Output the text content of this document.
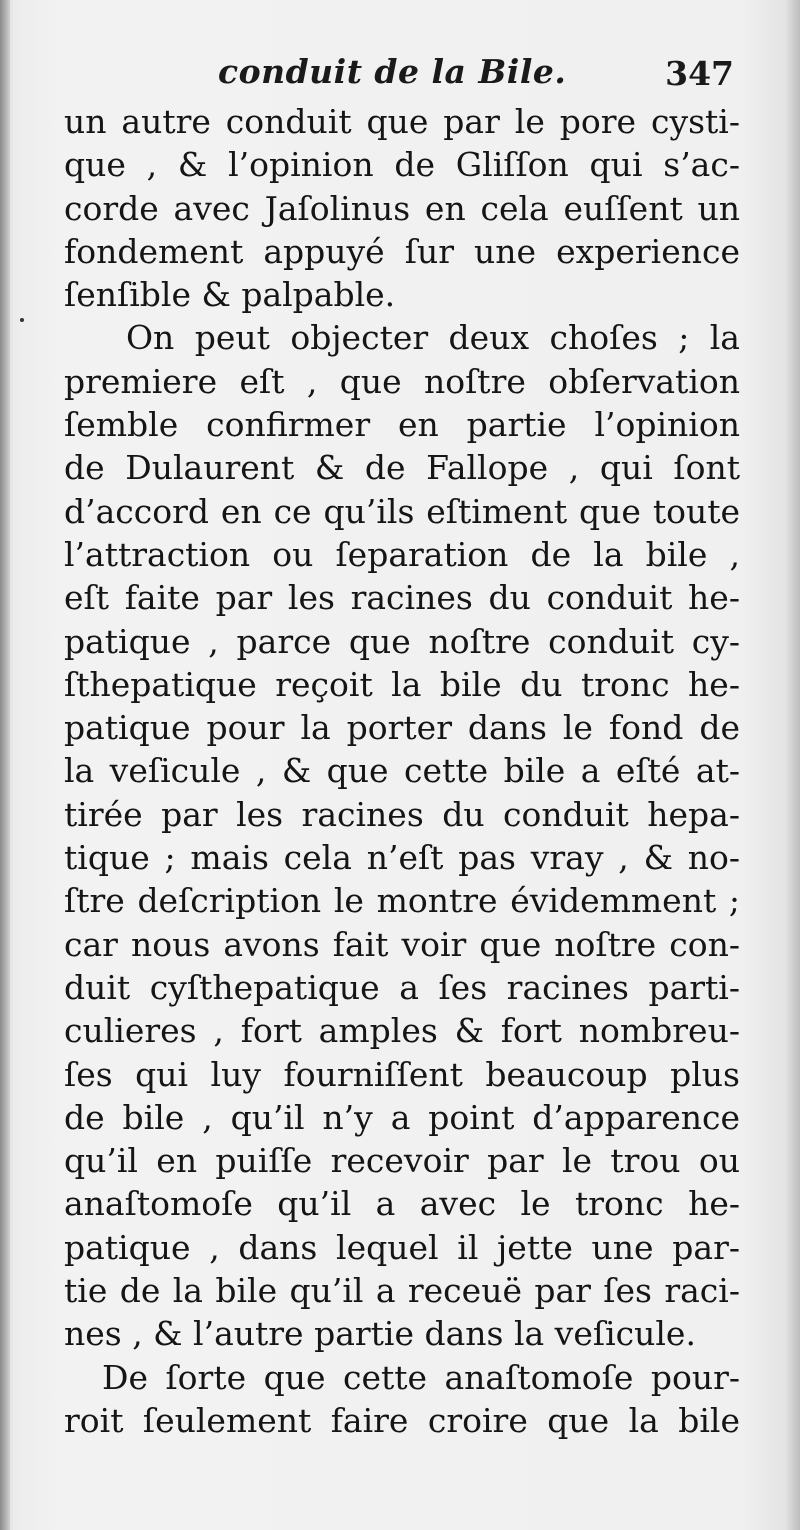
conduit de la Bile.	347
un autre conduit que par le pore cysti-
que , & l’opinion de Gliſſon qui s’ac-
corde avec Jaſolinus en cela euſſent un
fondement appuyé ſur une experience
ſenſible & palpable.
On peut objecter deux choſes ; la
premiere eſt , que noſtre obſervation
ſemble confirmer en partie l’opinion
de Dulaurent & de Fallope , qui ſont
d’accord en ce qu’ils eſtiment que toute
l’attraction ou ſeparation de la bile ,
eſt faite par les racines du conduit he-
patique , parce que noſtre conduit cy-
ſthepatique reçoit la bile du tronc he-
patique pour la porter dans le fond de
la veſicule , & que cette bile a eſté at-
tirée par les racines du conduit hepa-
tique ; mais cela n’eſt pas vray , & no-
ſtre deſcription le montre évidemment ;
car nous avons fait voir que noſtre con-
duit cyſthepatique a ſes racines parti-
culieres , fort amples & fort nombreu-
ſes qui luy fourniſſent beaucoup plus
de bile , qu’il n’y a point d’apparence
qu’il en puiſſe recevoir par le trou ou
anaſtomoſe qu’il a avec le tronc he-
patique , dans lequel il jette une par-
tie de la bile qu’il a receuë par ſes raci-
nes , & l’autre partie dans la veſicule.
De ſorte que cette anaſtomoſe pour-
roit ſeulement faire croire que la bile
